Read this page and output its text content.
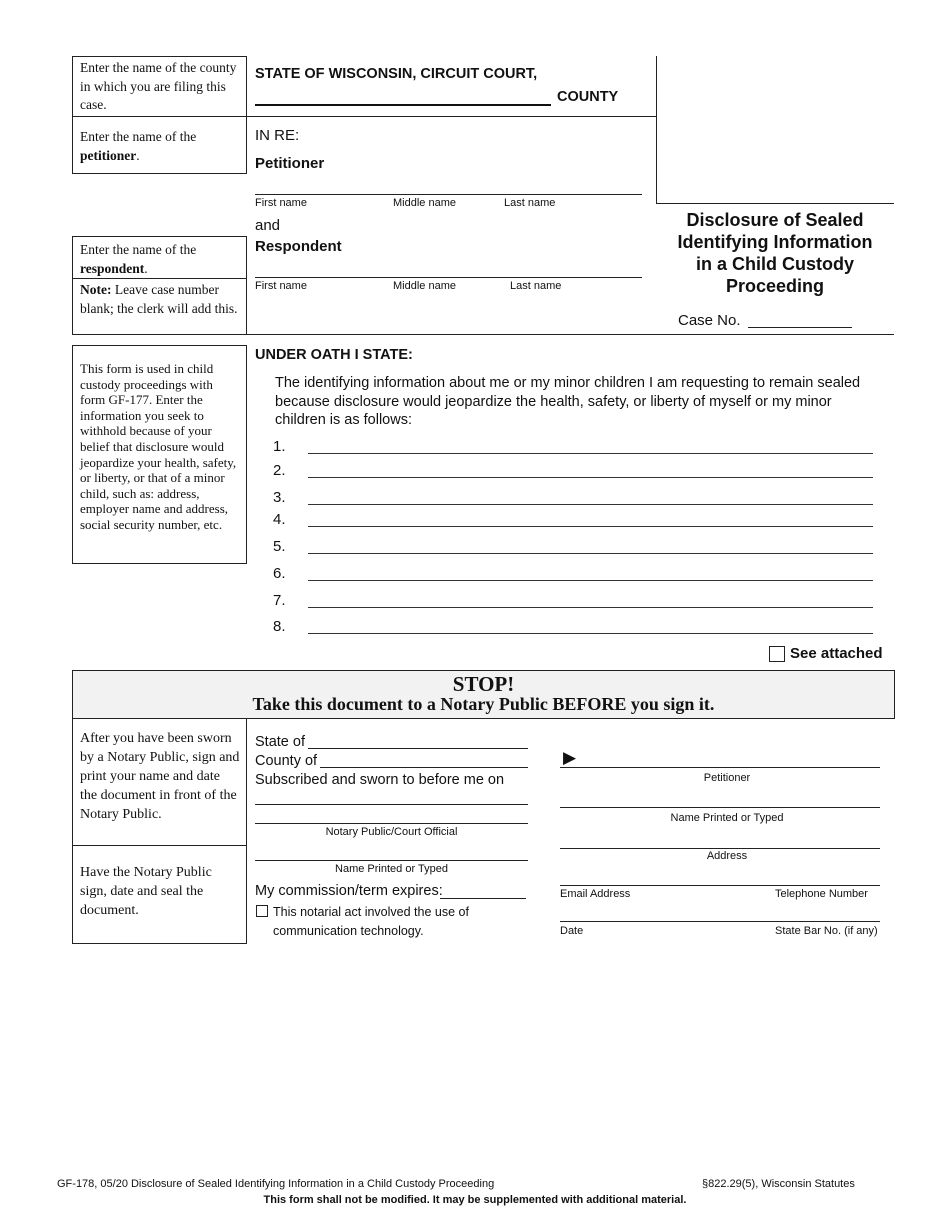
Enter the name of the county in which you are filing this case.
Enter the name of the petitioner.
Enter the name of the respondent.
Note: Leave case number blank; the clerk will add this.
STATE OF WISCONSIN, CIRCUIT COURT,
COUNTY
IN RE:
Petitioner
First name	Middle name	Last name
and
Respondent
First name	Middle name	Last name
Disclosure of Sealed
Identifying Information
in a Child Custody
Proceeding
Case No.
This form is used in child custody proceedings with form GF-177. Enter the information you seek to withhold because of your belief that disclosure would jeopardize your health, safety, or liberty, or that of a minor child, such as: address, employer name and address, social security number, etc.
UNDER OATH I STATE:
The identifying information about me or my minor children I am requesting to remain sealed because disclosure would jeopardize the health, safety, or liberty of myself or my minor children is as follows:
1.
2.
3.
4.
5.
6.
7.
8.
See attached
STOP!
Take this document to a Notary Public BEFORE you sign it.
After you have been sworn by a Notary Public, sign and print your name and date the document in front of the Notary Public.
Have the Notary Public sign, date and seal the document.
State of
County of
Subscribed and sworn to before me on
Notary Public/Court Official
Name Printed or Typed
My commission/term expires:
This notarial act involved the use of communication technology.
▶
Petitioner
Name Printed or Typed
Address
Email Address	Telephone Number
Date	State Bar No. (if any)
GF-178, 05/20 Disclosure of Sealed Identifying Information in a Child Custody Proceeding	§822.29(5), Wisconsin Statutes
This form shall not be modified. It may be supplemented with additional material.
